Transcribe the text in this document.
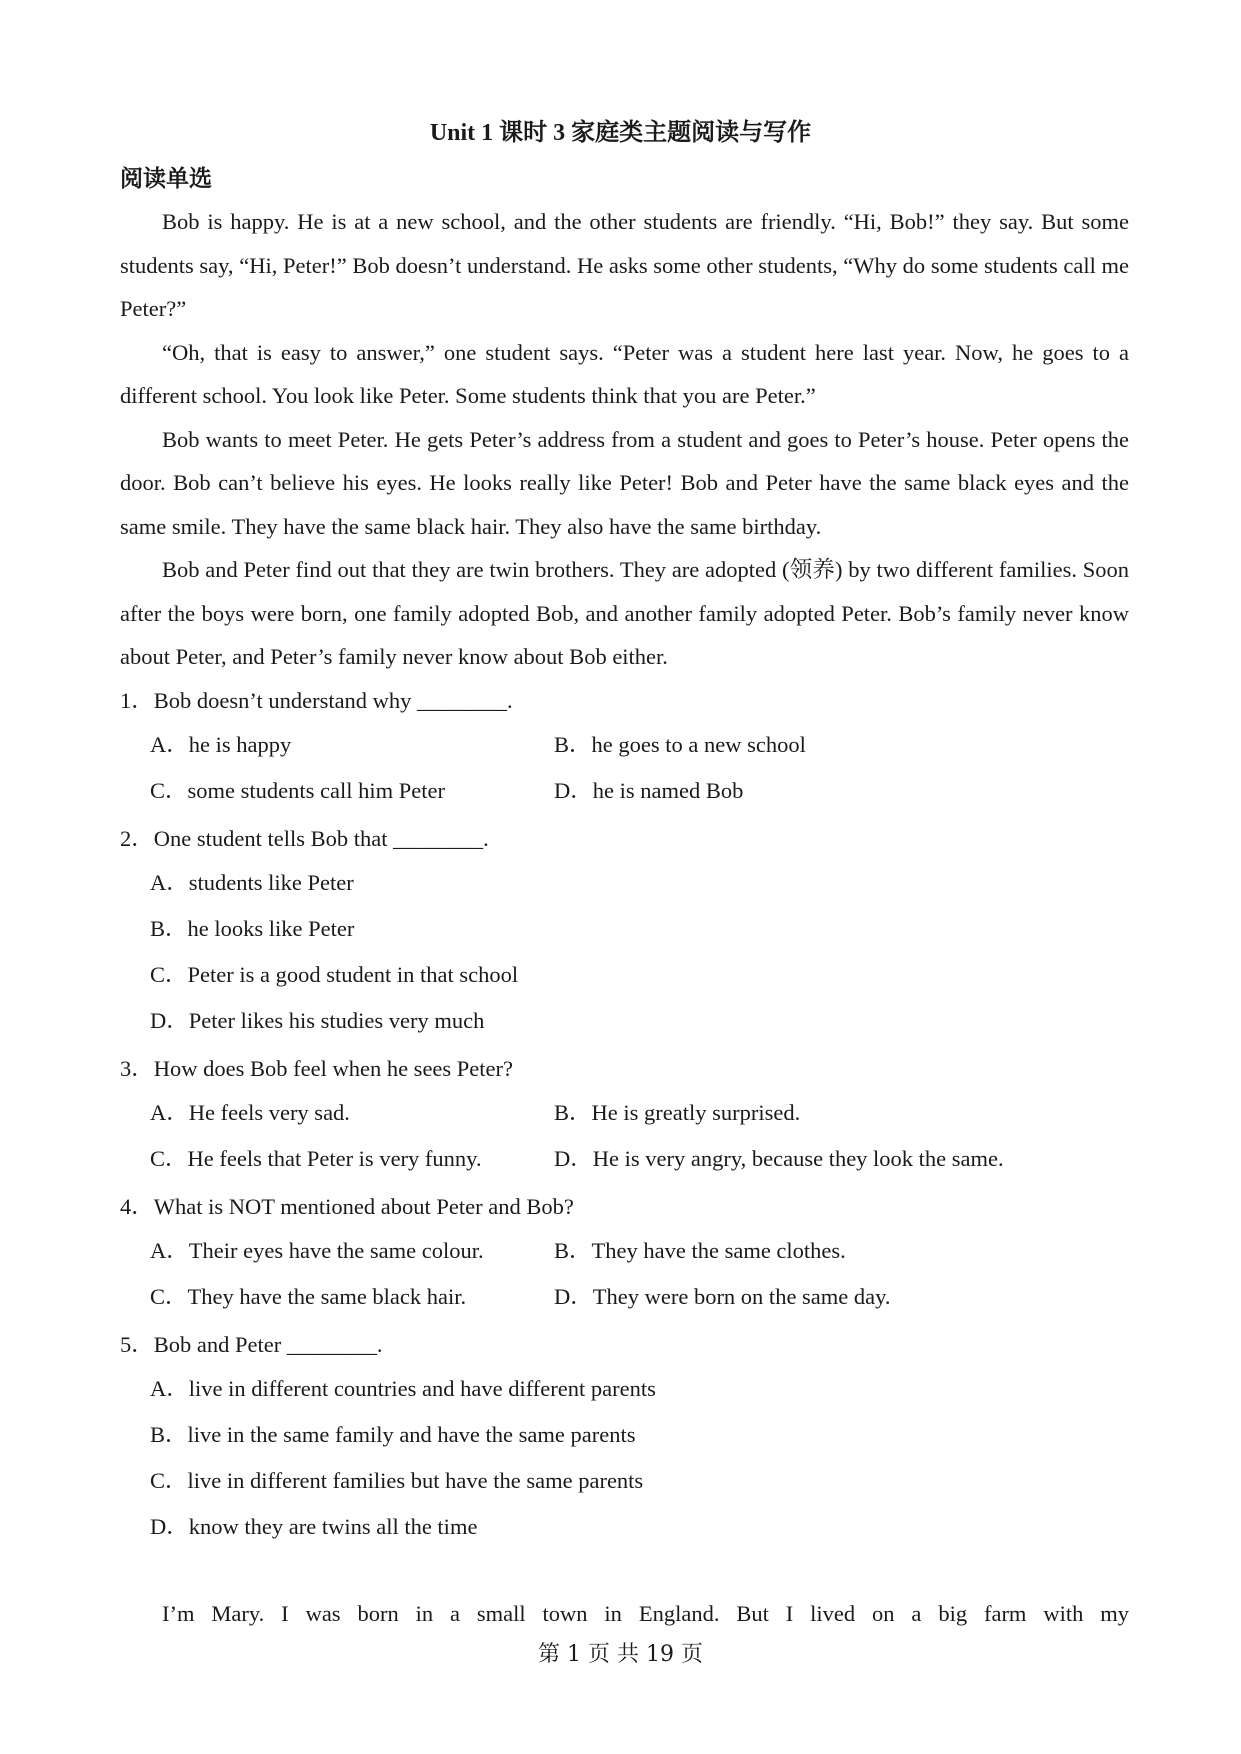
Unit 1 课时 3 家庭类主题阅读与写作
阅读单选

Bob is happy. He is at a new school, and the other students are friendly. “Hi, Bob!” they say. But some students say, “Hi, Peter!” Bob doesn’t understand. He asks some other students, “Why do some students call me Peter?”

“Oh, that is easy to answer,” one student says. “Peter was a student here last year. Now, he goes to a different school. You look like Peter. Some students think that you are Peter.”

Bob wants to meet Peter. He gets Peter’s address from a student and goes to Peter’s house. Peter opens the door. Bob can’t believe his eyes. He looks really like Peter! Bob and Peter have the same black eyes and the same smile. They have the same black hair. They also have the same birthday.

Bob and Peter find out that they are twin brothers. They are adopted (领养) by two different families. Soon after the boys were born, one family adopted Bob, and another family adopted Peter. Bob’s family never know about Peter, and Peter’s family never know about Bob either.

1．Bob doesn’t understand why ________.
A．he is happy	B．he goes to a new school
C．some students call him Peter	D．he is named Bob
2．One student tells Bob that ________.
A．students like Peter
B．he looks like Peter
C．Peter is a good student in that school
D．Peter likes his studies very much
3．How does Bob feel when he sees Peter?
A．He feels very sad.	B．He is greatly surprised.
C．He feels that Peter is very funny.	D．He is very angry, because they look the same.
4．What is NOT mentioned about Peter and Bob?
A．Their eyes have the same colour.	B．They have the same clothes.
C．They have the same black hair.	D．They were born on the same day.
5．Bob and Peter ________.
A．live in different countries and have different parents
B．live in the same family and have the same parents
C．live in different families but have the same parents
D．know they are twins all the time
I’m Mary. I was born in a small town in England. But I lived on a big farm with my
第 1 页 共 19 页
